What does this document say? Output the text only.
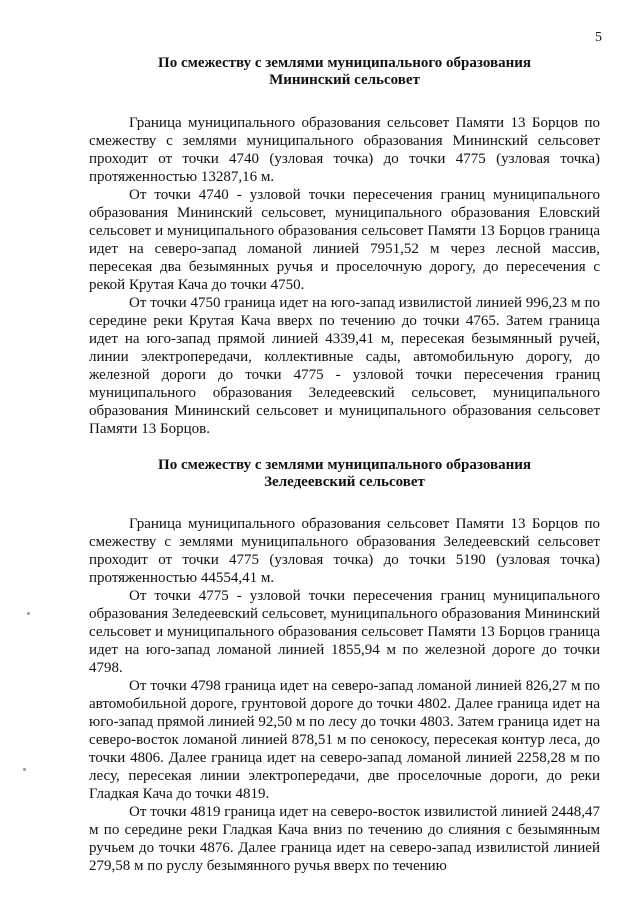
5
По смежеству с землями муниципального образования
Мининский сельсовет

Граница муниципального образования сельсовет Памяти 13 Борцов по смежеству с землями муниципального образования Мининский сельсовет проходит от точки 4740 (узловая точка) до точки 4775 (узловая точка) протяженностью 13287,16 м.

От точки 4740 - узловой точки пересечения границ муниципального образования Мининский сельсовет, муниципального образования Еловский сельсовет и муниципального образования сельсовет Памяти 13 Борцов граница идет на северо-запад ломаной линией 7951,52 м через лесной массив, пересекая два безымянных ручья и проселочную дорогу, до пересечения с рекой Крутая Кача до точки 4750.

От точки 4750 граница идет на юго-запад извилистой линией 996,23 м по середине реки Крутая Кача вверх по течению до точки 4765. Затем граница идет на юго-запад прямой линией 4339,41 м, пересекая безымянный ручей, линии электропередачи, коллективные сады, автомобильную дорогу, до железной дороги до точки 4775 - узловой точки пересечения границ муниципального образования Зеледеевский сельсовет, муниципального образования Мининский сельсовет и муниципального образования сельсовет Памяти 13 Борцов.

По смежеству с землями муниципального образования
Зеледеевский сельсовет

Граница муниципального образования сельсовет Памяти 13 Борцов по смежеству с землями муниципального образования Зеледеевский сельсовет проходит от точки 4775 (узловая точка) до точки 5190 (узловая точка) протяженностью 44554,41 м.

От точки 4775 - узловой точки пересечения границ муниципального образования Зеледеевский сельсовет, муниципального образования Мининский сельсовет и муниципального образования сельсовет Памяти 13 Борцов граница идет на юго-запад ломаной линией 1855,94 м по железной дороге до точки 4798.

От точки 4798 граница идет на северо-запад ломаной линией 826,27 м по автомобильной дороге, грунтовой дороге до точки 4802. Далее граница идет на юго-запад прямой линией 92,50 м по лесу до точки 4803. Затем граница идет на северо-восток ломаной линией 878,51 м по сенокосу, пересекая контур леса, до точки 4806. Далее граница идет на северо-запад ломаной линией 2258,28 м по лесу, пересекая линии электропередачи, две проселочные дороги, до реки Гладкая Кача до точки 4819.

От точки 4819 граница идет на северо-восток извилистой линией 2448,47 м по середине реки Гладкая Кача вниз по течению до слияния с безымянным ручьем до точки 4876. Далее граница идет на северо-запад извилистой линией 279,58 м по руслу безымянного ручья вверх по течению
